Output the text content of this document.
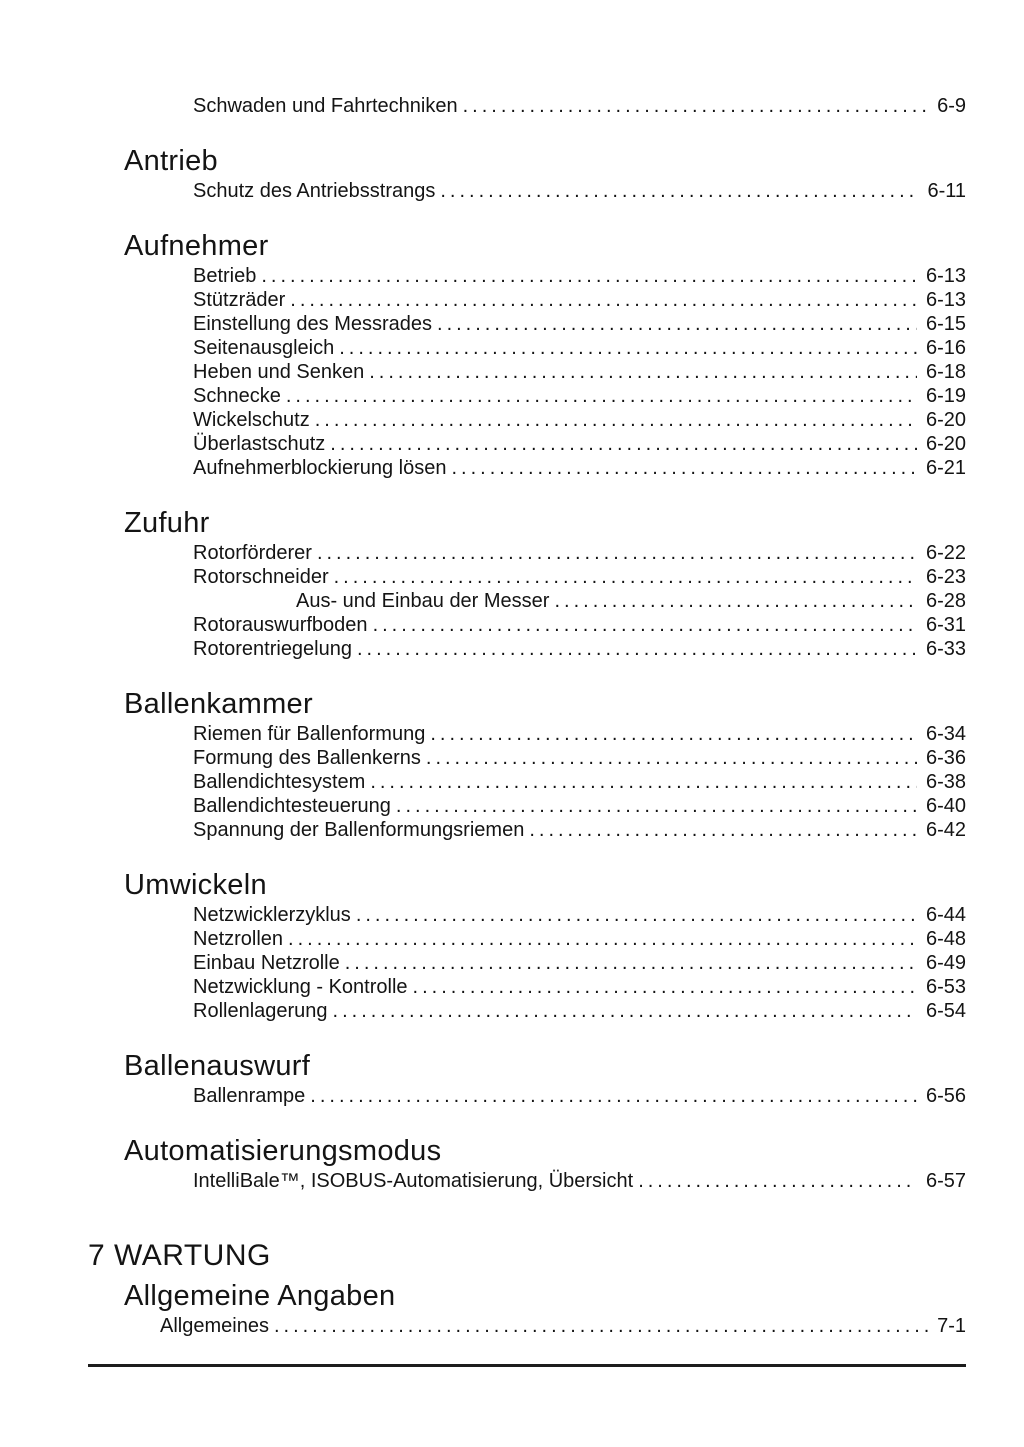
Schwaden und Fahrtechniken .....	6-9
Antrieb
Schutz des Antriebsstrangs .....	6-11
Aufnehmer
Betrieb .....	6-13
Stützräder .....	6-13
Einstellung des Messrades .....	6-15
Seitenausgleich .....	6-16
Heben und Senken .....	6-18
Schnecke .....	6-19
Wickelschutz .....	6-20
Überlastschutz .....	6-20
Aufnehmerblockierung lösen .....	6-21
Zufuhr
Rotorförderer .....	6-22
Rotorschneider .....	6-23
Aus- und Einbau der Messer .....	6-28
Rotorauswurfboden .....	6-31
Rotorentriegelung .....	6-33
Ballenkammer
Riemen für Ballenformung .....	6-34
Formung des Ballenkerns .....	6-36
Ballendichtesystem .....	6-38
Ballendichtesteuerung .....	6-40
Spannung der Ballenformungsriemen .....	6-42
Umwickeln
Netzwicklerzyklus .....	6-44
Netzrollen .....	6-48
Einbau Netzrolle .....	6-49
Netzwicklung - Kontrolle .....	6-53
Rollenlagerung .....	6-54
Ballenauswurf
Ballenrampe .....	6-56
Automatisierungsmodus
IntelliBale™, ISOBUS-Automatisierung, Übersicht .....	6-57
7 WARTUNG
Allgemeine Angaben
Allgemeines .....	7-1
